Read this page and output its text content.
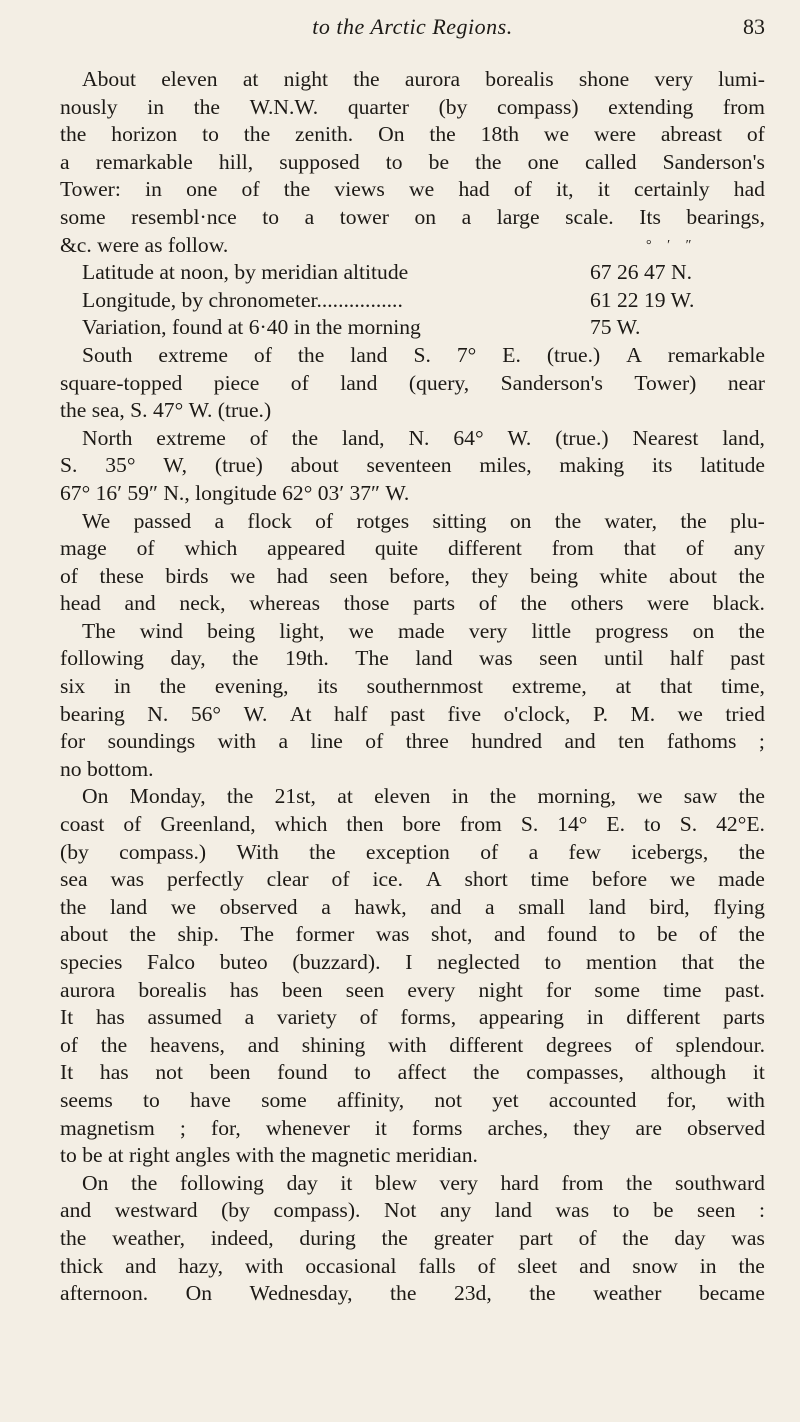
to the Arctic Regions.	83
About eleven at night the aurora borealis shone very lumi-
nously in the W.N.W. quarter (by compass) extending from
the horizon to the zenith. On the 18th we were abreast of
a remarkable hill, supposed to be the one called Sanderson's
Tower: in one of the views we had of it, it certainly had
some resembl·nce to a tower on a large scale. Its bearings,
&c. were as follow.	° ′ ″
Latitude at noon, by meridian altitude	67 26 47 N.
Longitude, by chronometer................	61 22 19 W.
Variation, found at 6·40 in the morning	75 W.
South extreme of the land S. 7° E. (true.) A remarkable
square-topped piece of land (query, Sanderson's Tower) near
the sea, S. 47° W. (true.)
North extreme of the land, N. 64° W. (true.) Nearest land,
S. 35° W, (true) about seventeen miles, making its latitude
67° 16′ 59″ N., longitude 62° 03′ 37″ W.
We passed a flock of rotges sitting on the water, the plu-
mage of which appeared quite different from that of any
of these birds we had seen before, they being white about the
head and neck, whereas those parts of the others were black.
The wind being light, we made very little progress on the
following day, the 19th. The land was seen until half past
six in the evening, its southernmost extreme, at that time,
bearing N. 56° W. At half past five o'clock, P. M. we tried
for soundings with a line of three hundred and ten fathoms ;
no bottom.
On Monday, the 21st, at eleven in the morning, we saw the
coast of Greenland, which then bore from S. 14° E. to S. 42°E.
(by compass.) With the exception of a few icebergs, the
sea was perfectly clear of ice. A short time before we made
the land we observed a hawk, and a small land bird, flying
about the ship. The former was shot, and found to be of the
species Falco buteo (buzzard). I neglected to mention that the
aurora borealis has been seen every night for some time past.
It has assumed a variety of forms, appearing in different parts
of the heavens, and shining with different degrees of splendour.
It has not been found to affect the compasses, although it
seems to have some affinity, not yet accounted for, with
magnetism ; for, whenever it forms arches, they are observed
to be at right angles with the magnetic meridian.
On the following day it blew very hard from the southward
and westward (by compass). Not any land was to be seen :
the weather, indeed, during the greater part of the day was
thick and hazy, with occasional falls of sleet and snow in the
afternoon. On Wednesday, the 23d, the weather became
